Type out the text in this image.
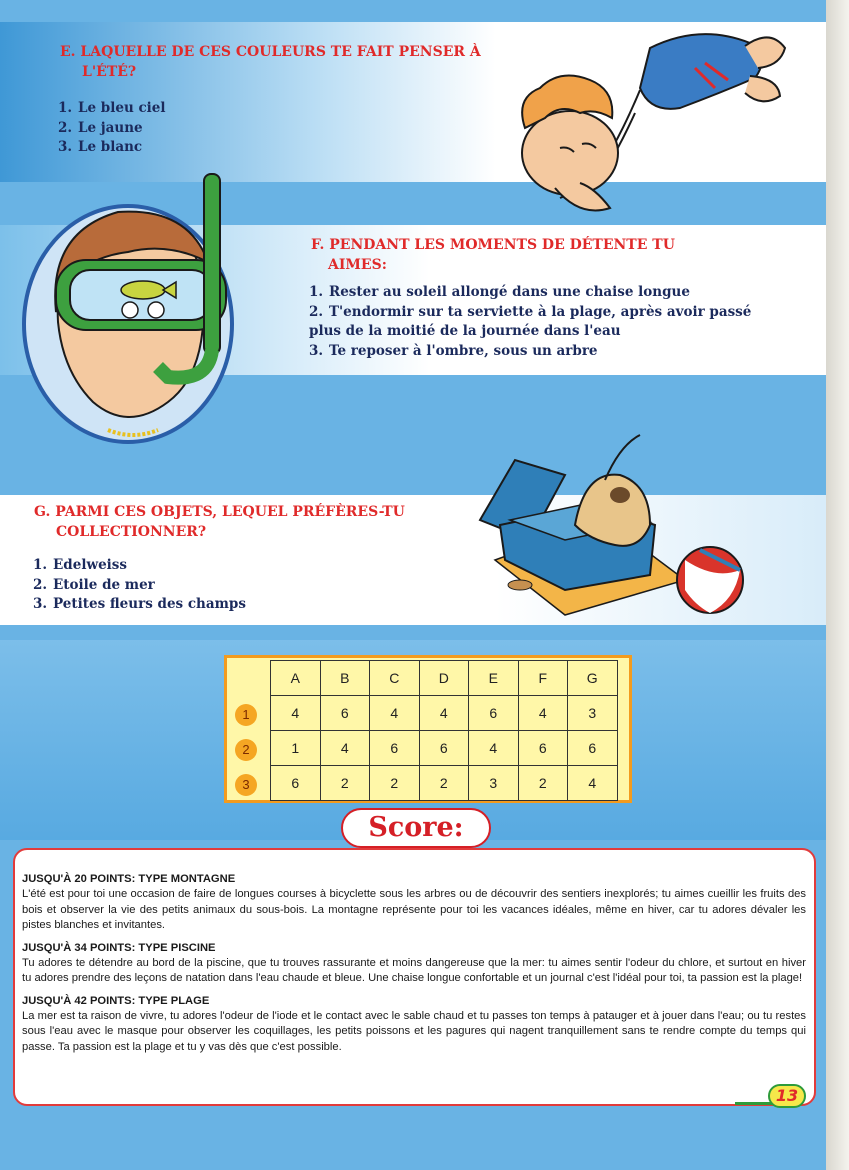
E. LAQUELLE DE CES COULEURS TE FAIT PENSER À
L'ÉTÉ?
1. Le bleu ciel
2. Le jaune
3. Le blanc
F. PENDANT LES MOMENTS DE DÉTENTE TU
AIMES:
1. Rester au soleil allongé dans une chaise longue
2. T'endormir sur ta serviette à la plage, après avoir passé
plus de la moitié de la journée dans l'eau
3. Te reposer à l'ombre, sous un arbre
G. PARMI CES OBJETS, LEQUEL PRÉFÈRES-TU
COLLECTIONNER?
1. Edelweiss
2. Etoile de mer
3. Petites fleurs des champs
1
2
3
A	B	C	D	E	F	G
4	6	4	4	6	4	3
1	4	6	6	4	6	6
6	2	2	2	3	2	4
JUSQU'À 20 POINTS: TYPE MONTAGNE
L'été est pour toi une occasion de faire de longues courses à bicyclette sous les arbres ou de découvrir des sentiers inexplorés; tu aimes cueillir les fruits des bois et observer la vie des petits animaux du sous-bois. La montagne représente pour toi les vacances idéales, même en hiver, car tu adores dévaler les pistes blanches et invitantes.
JUSQU'À 34 POINTS: TYPE PISCINE
Tu adores te détendre au bord de la piscine, que tu trouves rassurante et moins dangereuse que la mer: tu aimes sentir l'odeur du chlore, et surtout en hiver tu adores prendre des leçons de natation dans l'eau chaude et bleue. Une chaise longue confortable et un journal c'est l'idéal pour toi, ta passion est la plage!
JUSQU'À 42 POINTS: TYPE PLAGE
La mer est ta raison de vivre, tu adores l'odeur de l'iode et le contact avec le sable chaud et tu passes ton temps à patauger et à jouer dans l'eau; ou tu restes sous l'eau avec le masque pour observer les coquillages, les petits poissons et les pagures qui nagent tranquillement sans te rendre compte du temps qui passe. Ta passion est la plage et tu y vas dès que c'est possible.
Score:
13
